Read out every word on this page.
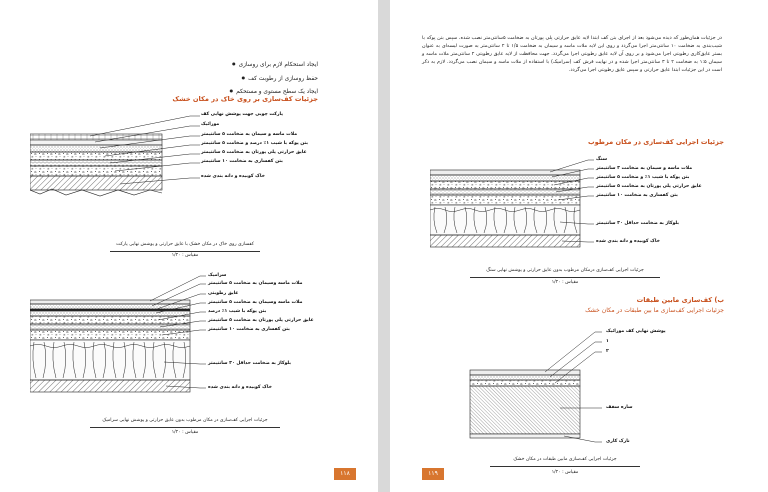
ایجاد استحکام لازم برای روسازی ●
حفظ روسازی از رطوبت کف ●
ایجاد یک سطح مستوی و مستحکم ●
جزئیات کف‌سازی بر روی خاک در مکان خشک
پارکت چوبی جهت پوشش نهایی کف
موزائیک
ملات ماسه و سیمان به ضخامت ۵ سانتیمتر
بتن پوکه با شیب ۱٪ درصد و ضخامت ۵ سانتیمتر
عایق حرارتی پلی پورتان به ضخامت ۵ سانتیمتر
بتن کفسازی به ضخامت ۱۰ سانتیمتر
خاک کوبیده و دانه بندی شده
کفسازی روی خاک در مکان خشک با عایق حرارتی و پوشش نهایی پارکت
مقیاس : ۱/۲۰
سرامیک
ملات ماسه وسیمان به ضخامت ۵ سانتیمتر
عایق رطوبتی
ملات ماسه وسیمان به ضخامت ۵ سانتیمتر
بتن پوکه با شیب ۱٪ درصد
عایق حرارتی پلی پورتان به ضخامت ۵ سانتیمتر
بتن کفسازی به ضخامت ۱۰ سانتیمتر
بلوکاژ به ضخامت حداقل ۳۰ سانتیمتر
خاک کوبیده و دانه بندی شده
جزئیات اجرایی کف‌سازی در مکان مرطوب بدون عایق حرارتی و پوشش نهایی سرامیک
مقیاس : ۱/۲۰
۱۱۸
در جزئیات همان‌طور که دیده می‌شود بعد از اجرای بتن کف ابتدا لایه عایق حرارتی پلی پورتان به ضخامت ۵سانتی‌متر نصب شده، سپس بتن پوکه با شیب‌بندی به ضخامت ۱۰ سانتی‌متر اجرا می‌گردد و روی این لایه ملات ماسه و سیمان به ضخامت ۱/۵ تا ۲ سانتی‌متر به صورت لیسه‌ای به عنوان بستر عایق‌کاری رطوبتی اجرا می‌شود و بر روی آن لایه عایق رطوبتی اجرا می‌گردد. جهت محافظت از لایه عایق رطوبتی ۲ سانتی‌متر ملات ماسه و سیمان ۱:۵ به ضخامت ۲ تا ۳ سانتی‌متر اجرا شده و در نهایت فرش کف (سرامیک) با استفاده از ملات ماسه و سیمان نصب می‌گردد. لازم به ذکر است در این جزئیات ابتدا عایق حرارتی و سپس عایق رطوبتی اجرا می‌گردد.
جزئیات اجرایی کف‌سازی در مکان مرطوب
سنگ
ملات ماسه و سیمان به ضخامت ۳ سانتیمتر
بتن پوکه با شیب ۱٪ و ضخامت ۵ سانتیمتر
عایق حرارتی پلی پورتان به ضخامت ۵ سانتیمتر
بتن کفسازی به ضخامت ۱۰ سانتیمتر
بلوکاژ به ضخامت حداقل ۳۰ سانتیمتر
خاک کوبیده و دانه بندی شده
جزئیات اجرایی کف‌سازی درمکان مرطوب بدون عایق حرارتی و پوشش نهایی سنگ
مقیاس : ۱/۲۰
ب) کف‌سازی مابین طبقات
جزئیات اجرایی کف‌سازی ما بین طبقات در مکان خشک
پوشش نهایی کف موزائیک
۱
۲
سازه سقف
نازک کاری
جزئیات اجرایی کف‌سازی مابین طبقات در مکان خشک
مقیاس : ۱/۲۰
۱۱۹
